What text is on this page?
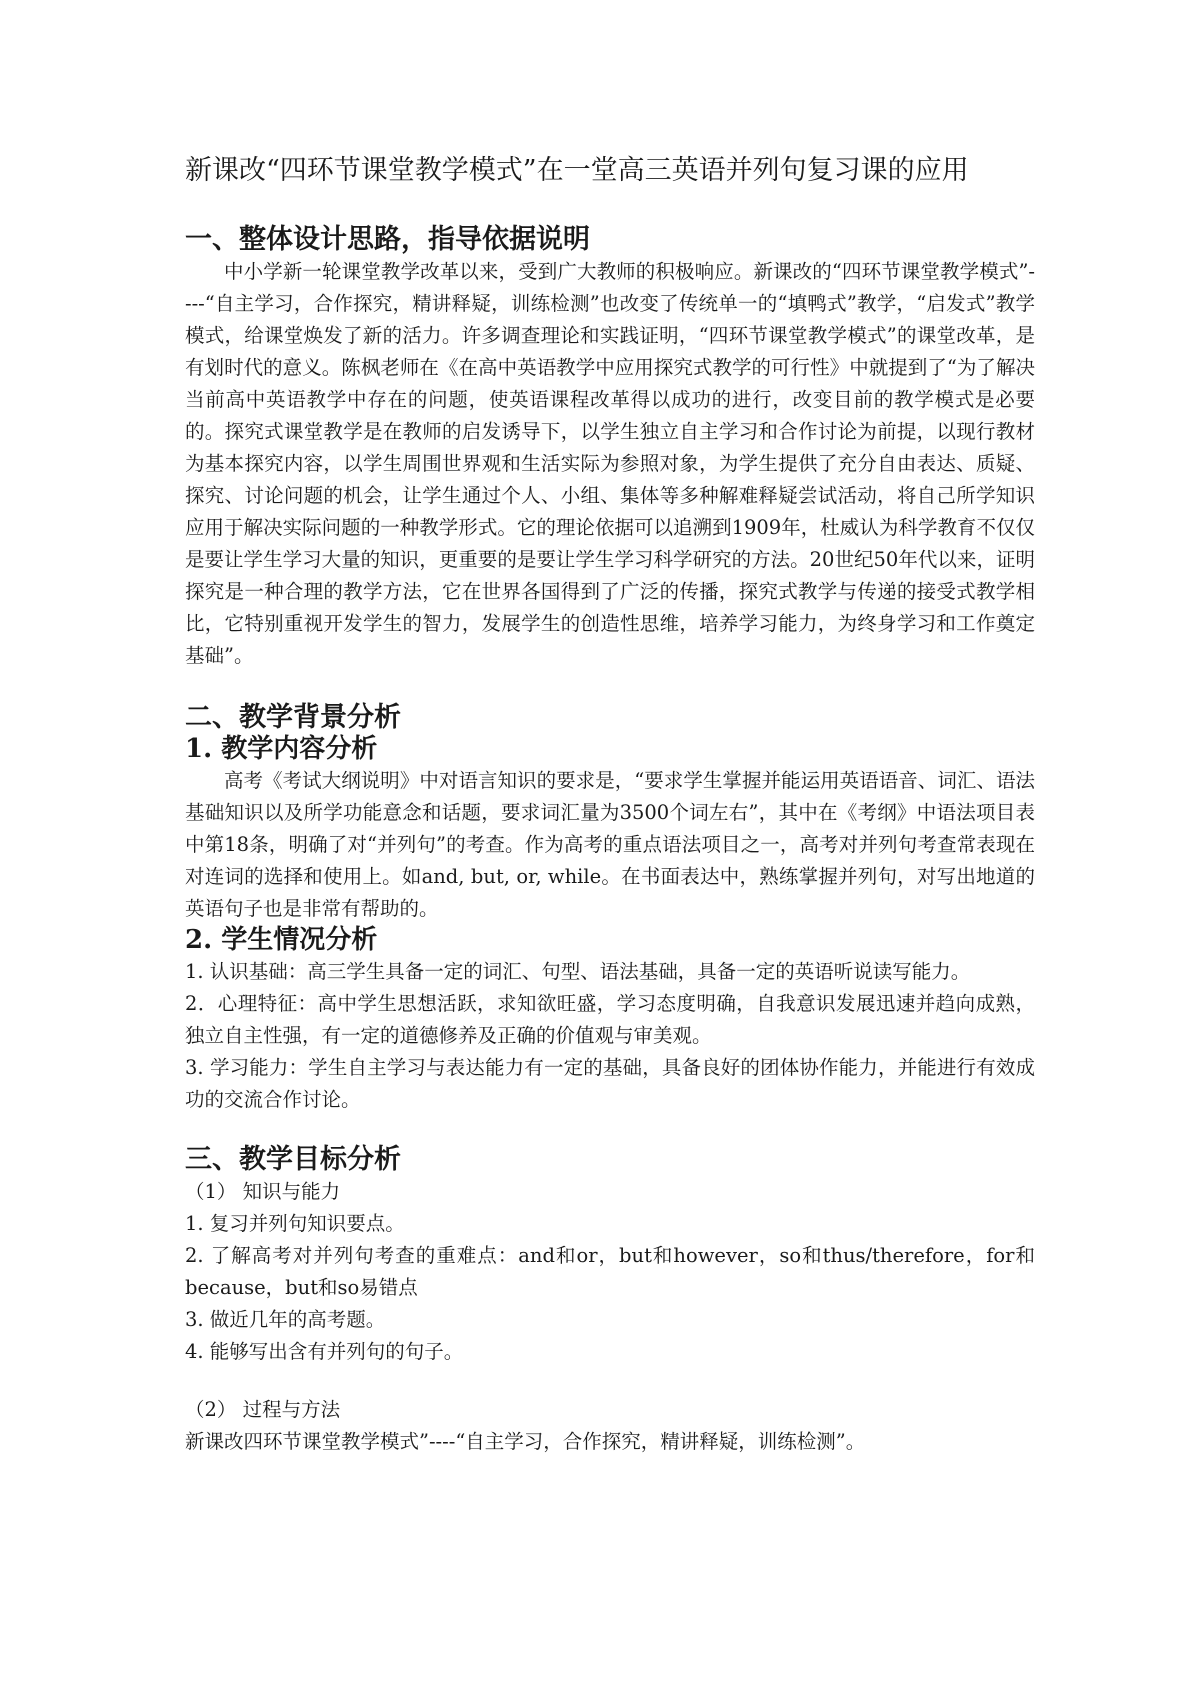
新课改“四环节课堂教学模式”在一堂高三英语并列句复习课的应用
一、整体设计思路，指导依据说明

中小学新一轮课堂教学改革以来，受到广大教师的积极响应。新课改的“四环节课堂教学模式”----“自主学习，合作探究，精讲释疑，训练检测”也改变了传统单一的“填鸭式”教学，“启发式”教学模式，给课堂焕发了新的活力。许多调查理论和实践证明，“四环节课堂教学模式”的课堂改革，是有划时代的意义。陈枫老师在《在高中英语教学中应用探究式教学的可行性》中就提到了“为了解决当前高中英语教学中存在的问题，使英语课程改革得以成功的进行，改变目前的教学模式是必要的。探究式课堂教学是在教师的启发诱导下，以学生独立自主学习和合作讨论为前提，以现行教材为基本探究内容，以学生周围世界观和生活实际为参照对象，为学生提供了充分自由表达、质疑、探究、讨论问题的机会，让学生通过个人、小组、集体等多种解难释疑尝试活动，将自己所学知识应用于解决实际问题的一种教学形式。它的理论依据可以追溯到1909年，杜威认为科学教育不仅仅是要让学生学习大量的知识，更重要的是要让学生学习科学研究的方法。20世纪50年代以来，证明探究是一种合理的教学方法，它在世界各国得到了广泛的传播，探究式教学与传递的接受式教学相比，它特别重视开发学生的智力，发展学生的创造性思维，培养学习能力，为终身学习和工作奠定基础”。

二、教学背景分析
1. 教学内容分析

高考《考试大纲说明》中对语言知识的要求是，“要求学生掌握并能运用英语语音、词汇、语法基础知识以及所学功能意念和话题，要求词汇量为3500个词左右”，其中在《考纲》中语法项目表中第18条，明确了对“并列句”的考查。作为高考的重点语法项目之一，高考对并列句考查常表现在对连词的选择和使用上。如and, but, or, while。在书面表达中，熟练掌握并列句，对写出地道的英语句子也是非常有帮助的。

2. 学生情况分析

1. 认识基础：高三学生具备一定的词汇、句型、语法基础，具备一定的英语听说读写能力。

2．心理特征：高中学生思想活跃，求知欲旺盛，学习态度明确，自我意识发展迅速并趋向成熟，独立自主性强，有一定的道德修养及正确的价值观与审美观。

3. 学习能力：学生自主学习与表达能力有一定的基础，具备良好的团体协作能力，并能进行有效成功的交流合作讨论。

三、教学目标分析

（1） 知识与能力

1. 复习并列句知识要点。

2. 了解高考对并列句考查的重难点：and和or，but和however，so和thus/therefore，for和because，but和so易错点

3. 做近几年的高考题。

4. 能够写出含有并列句的句子。

（2） 过程与方法

新课改四环节课堂教学模式”----“自主学习，合作探究，精讲释疑，训练检测”。
